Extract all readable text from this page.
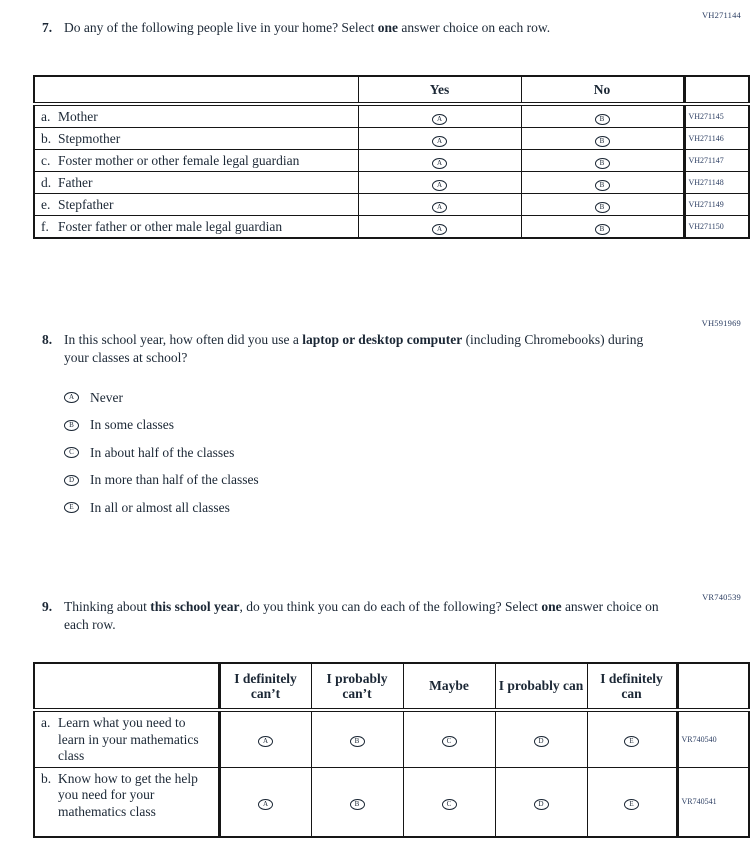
VH271144
7. Do any of the following people live in your home? Select one answer choice on each row.
	Yes	No	

a. Mother	A	B	VH271145

b. Stepmother	A	B	VH271146

c. Foster mother or other female legal guardian	A	B	VH271147

d. Father	A	B	VH271148

e. Stepfather	A	B	VH271149

f. Foster father or other male legal guardian	A	B	VH271150
VH591969
8. In this school year, how often did you use a laptop or desktop computer (including Chromebooks) during your classes at school?
A	Never
B	In some classes
C	In about half of the classes
D	In more than half of the classes
E	In all or almost all classes
VR740539
9. Thinking about this school year, do you think you can do each of the following? Select one answer choice on each row.
	I definitely can’t	I probably can’t	Maybe	I probably can	I definitely can	

a. Learn what you need to learn in your mathematics class	A	B	C	D	E	VR740540

b. Know how to get the help you need for your mathematics class	A	B	C	D	E	VR740541
